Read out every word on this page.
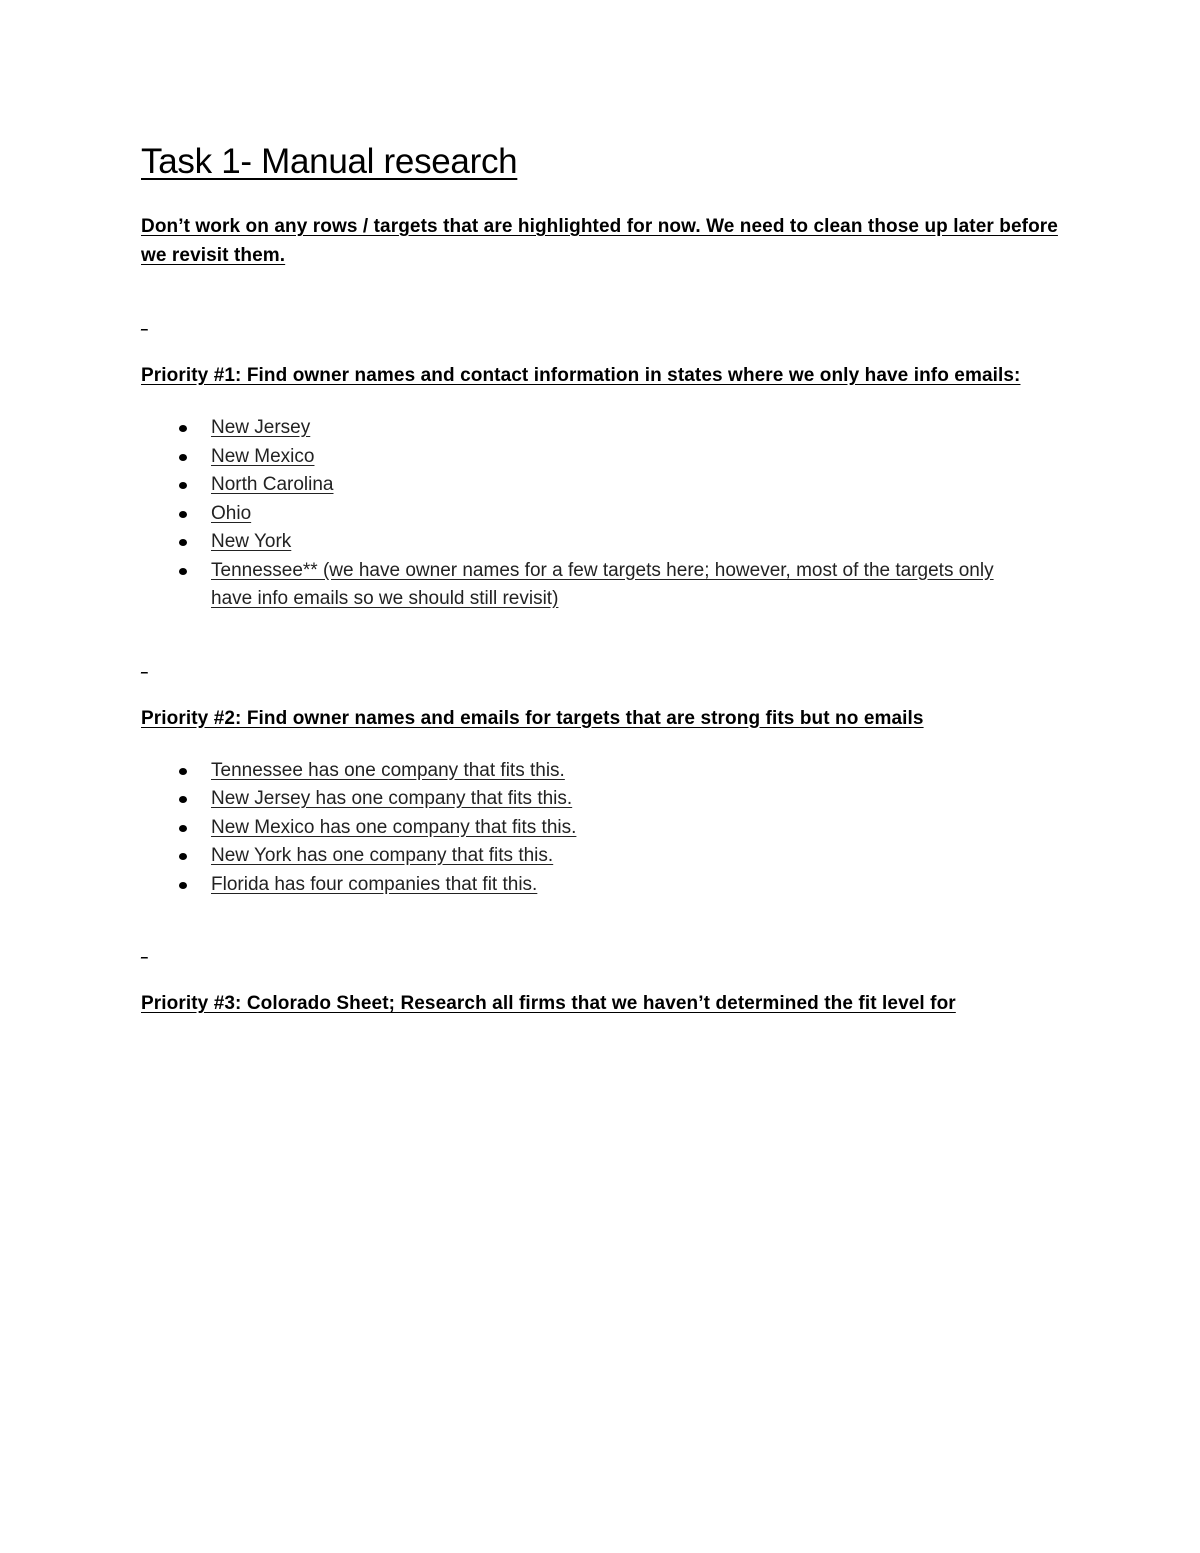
Task 1- Manual research

Don’t work on any rows / targets that are highlighted for now. We need to clean those up later before we revisit them.

_

Priority #1: Find owner names and contact information in states where we only have info emails:

New Jersey
New Mexico
North Carolina
Ohio
New York
Tennessee** (we have owner names for a few targets here; however, most of the targets only have info emails so we should still revisit)

_

Priority #2: Find owner names and emails for targets that are strong fits but no emails

Tennessee has one company that fits this.
New Jersey has one company that fits this.
New Mexico has one company that fits this.
New York has one company that fits this.
Florida has four companies that fit this.

_

Priority #3: Colorado Sheet; Research all firms that we haven’t determined the fit level for
